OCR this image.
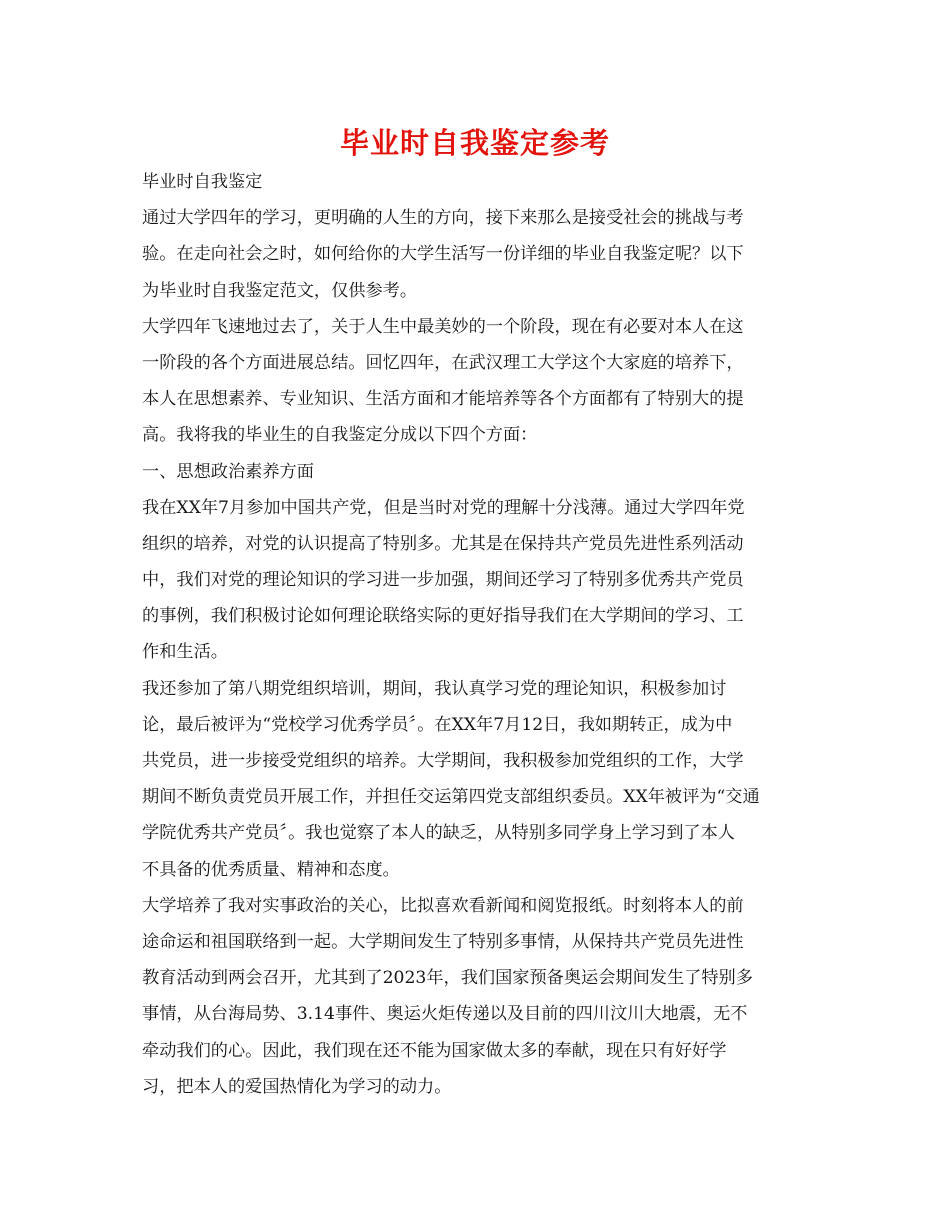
毕业时自我鉴定参考
毕业时自我鉴定
通过大学四年的学习，更明确的人生的方向，接下来那么是接受社会的挑战与考
验。在走向社会之时，如何给你的大学生活写一份详细的毕业自我鉴定呢？以下
为毕业时自我鉴定范文，仅供参考。
大学四年飞速地过去了，关于人生中最美妙的一个阶段，现在有必要对本人在这
一阶段的各个方面进展总结。回忆四年，在武汉理工大学这个大家庭的培养下，
本人在思想素养、专业知识、生活方面和才能培养等各个方面都有了特别大的提
高。我将我的毕业生的自我鉴定分成以下四个方面：
一、思想政治素养方面
我在XX年7月参加中国共产党，但是当时对党的理解十分浅薄。通过大学四年党
组织的培养，对党的认识提高了特别多。尤其是在保持共产党员先进性系列活动
中，我们对党的理论知识的学习进一步加强，期间还学习了特别多优秀共产党员
的事例，我们积极讨论如何理论联络实际的更好指导我们在大学期间的学习、工
作和生活。
我还参加了第八期党组织培训，期间，我认真学习党的理论知识，积极参加讨
论，最后被评为“党校学习优秀学员〞。在XX年7月12日，我如期转正，成为中
共党员，进一步接受党组织的培养。大学期间，我积极参加党组织的工作，大学
期间不断负责党员开展工作，并担任交运第四党支部组织委员。XX年被评为“交通
学院优秀共产党员〞。我也觉察了本人的缺乏，从特别多同学身上学习到了本人
不具备的优秀质量、精神和态度。
大学培养了我对实事政治的关心，比拟喜欢看新闻和阅览报纸。时刻将本人的前
途命运和祖国联络到一起。大学期间发生了特别多事情，从保持共产党员先进性
教育活动到两会召开，尤其到了2023年，我们国家预备奥运会期间发生了特别多
事情，从台海局势、3.14事件、奥运火炬传递以及目前的四川汶川大地震，无不
牵动我们的心。因此，我们现在还不能为国家做太多的奉献，现在只有好好学
习，把本人的爱国热情化为学习的动力。
